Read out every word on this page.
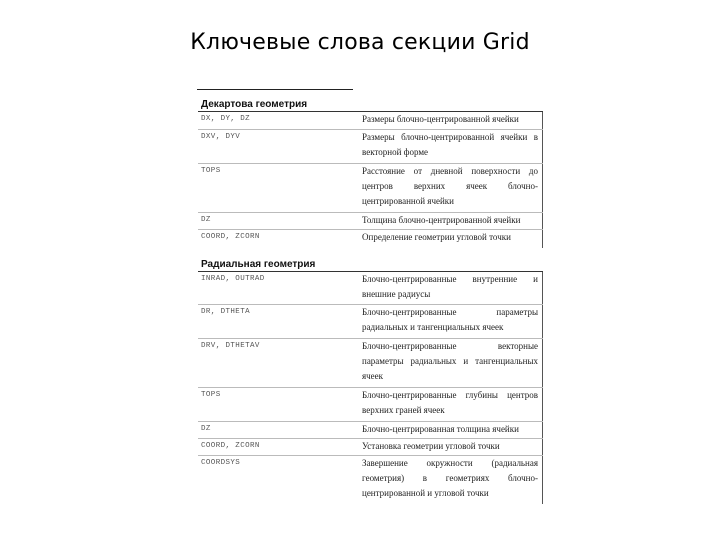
Ключевые слова секции Grid
Декартова геометрия
DX, DY, DZ	Размеры блочно-центрированной ячейки
DXV, DYV	Размеры блочно-центрированной ячейки в векторной форме
TOPS	Расстояние от дневной поверхности до центров верхних ячеек блочно-центрированной ячейки
DZ	Толщина блочно-центрированной ячейки
COORD, ZCORN	Определение геометрии угловой точки
Радиальная геометрия
INRAD, OUTRAD	Блочно-центрированные внутренние и внешние радиусы
DR, DTHETA	Блочно-центрированные параметры радиальных и тангенциальных ячеек
DRV, DTHETAV	Блочно-центрированные векторные параметры радиальных и тангенциальных ячеек
TOPS	Блочно-центрированные глубины центров верхних граней ячеек
DZ	Блочно-центрированная толщина ячейки
COORD, ZCORN	Установка геометрии угловой точки
COORDSYS	Завершение окружности (радиальная геометрия) в геометриях блочно-центрированной и угловой точки
